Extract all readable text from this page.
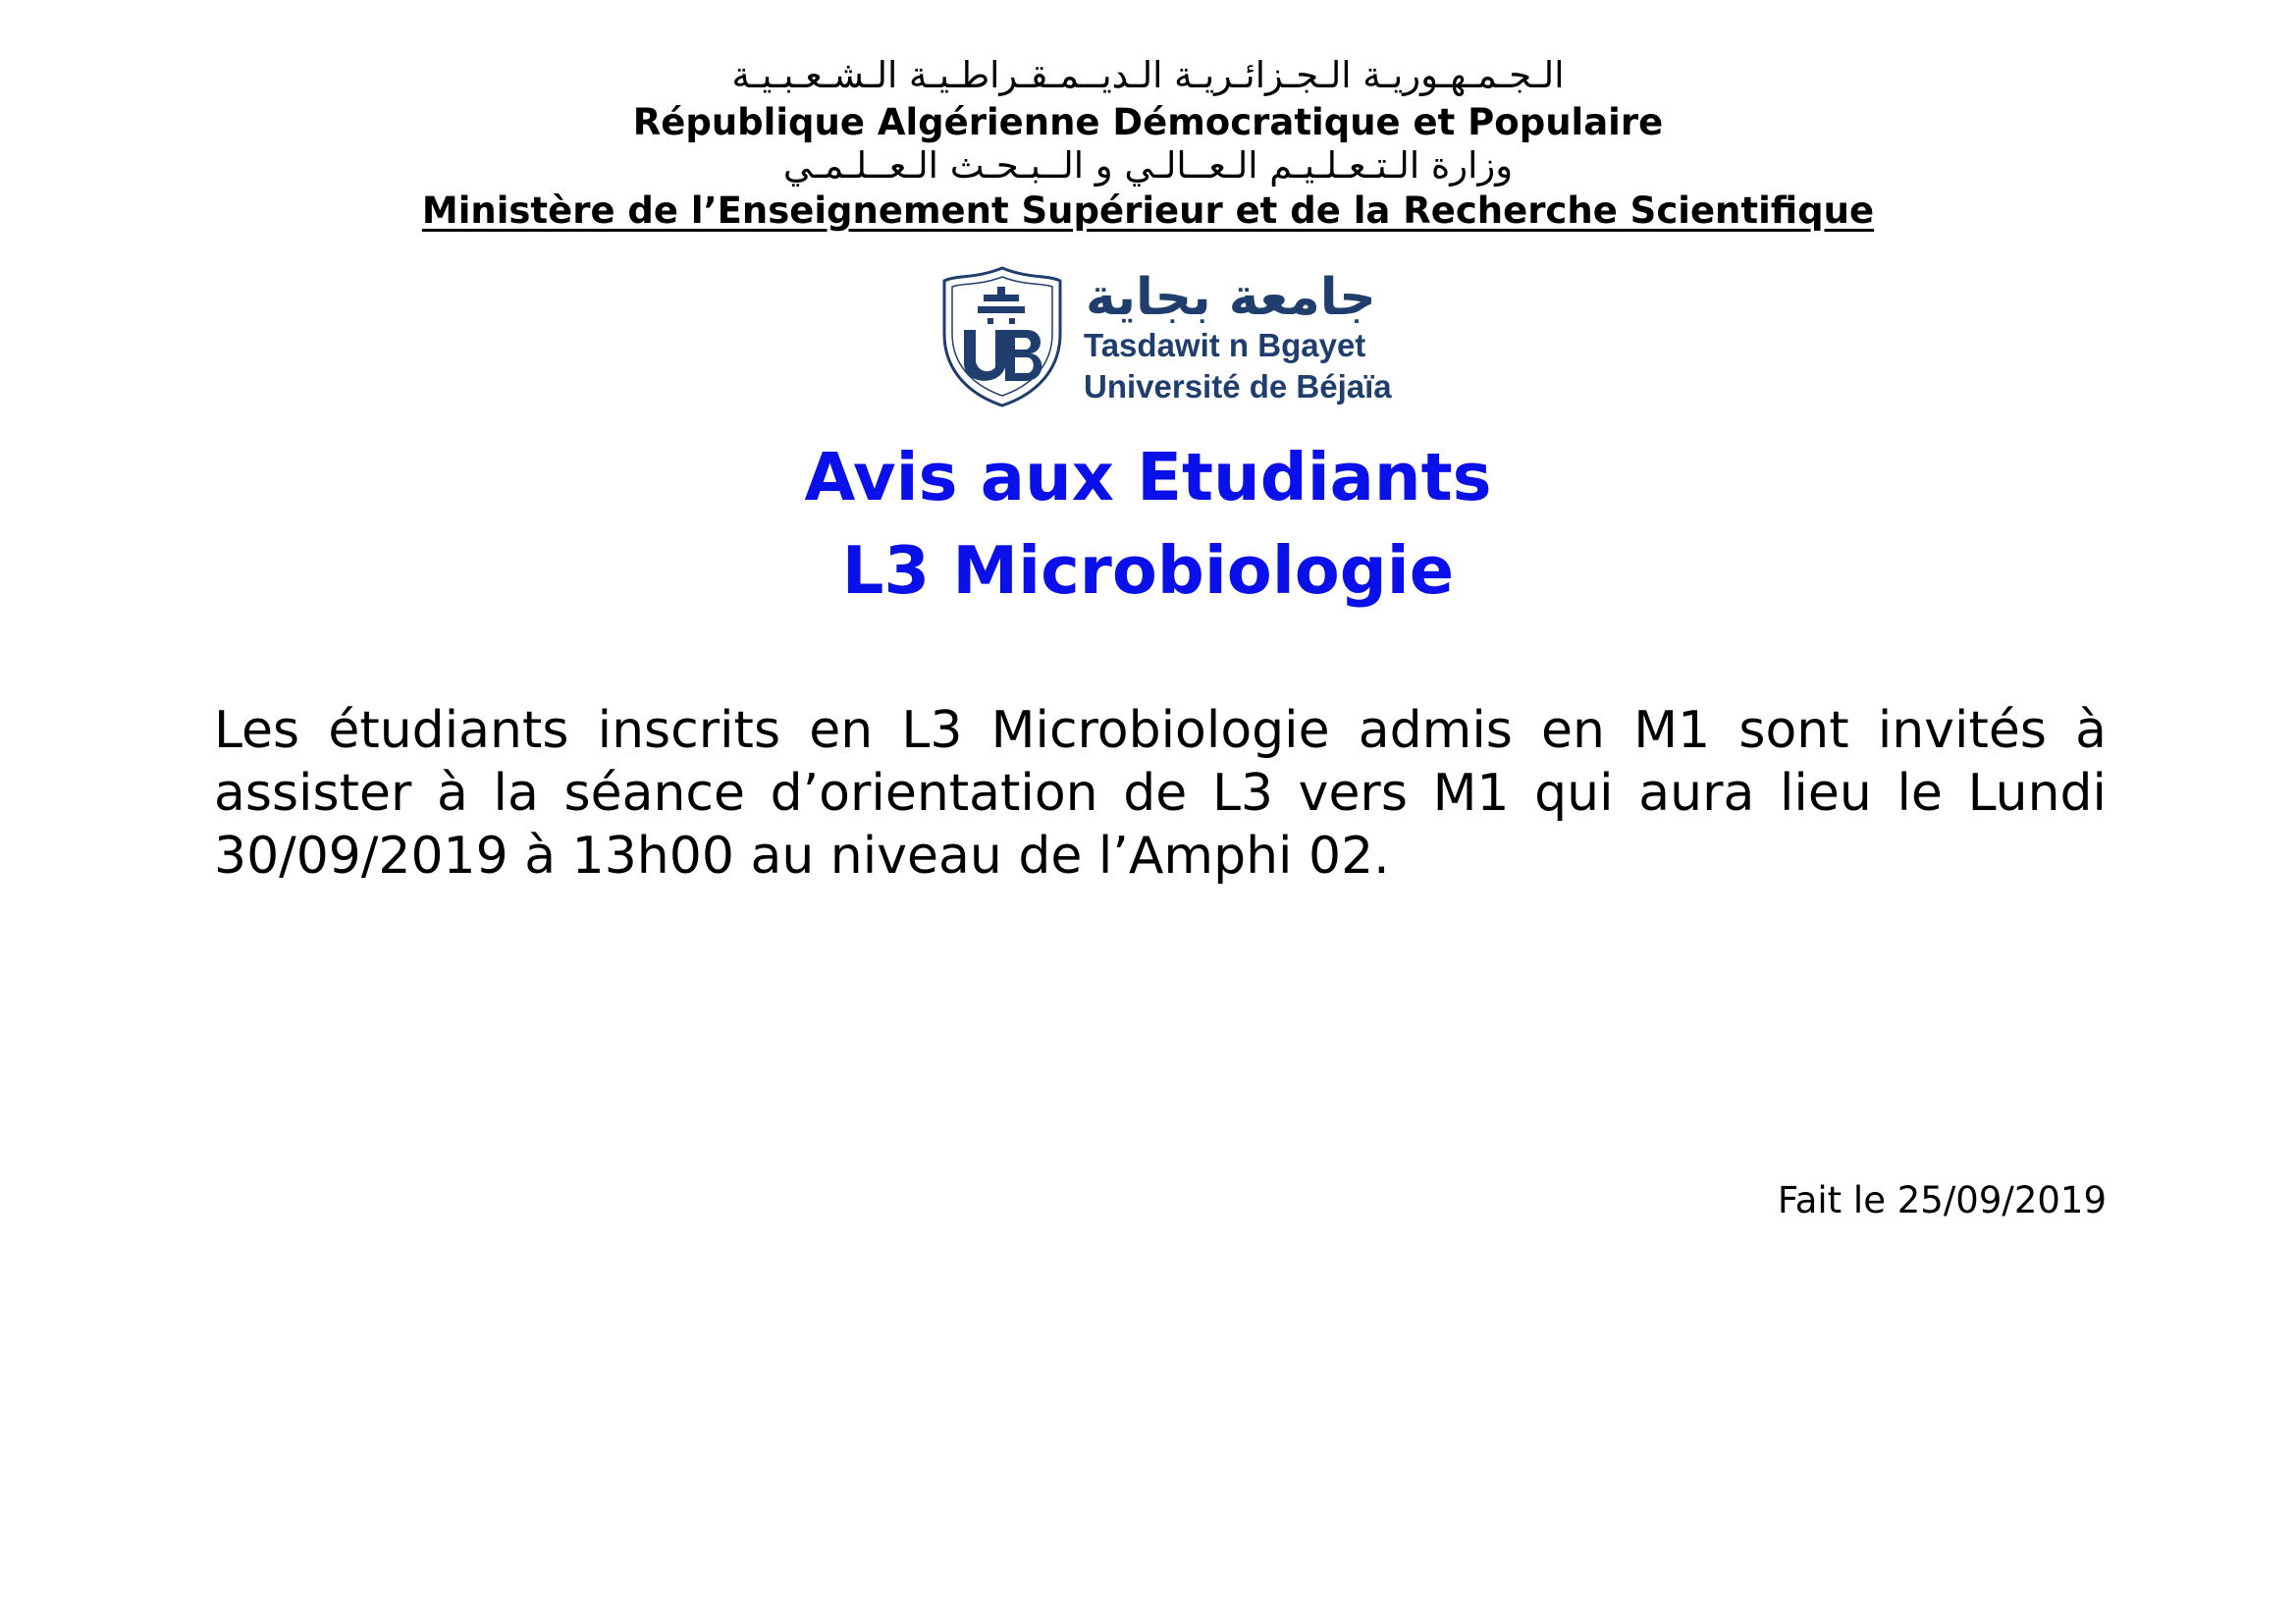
الـجـمـهـوريـة الـجـزائـريـة الـديــمـقـراطـيـة الـشـعـبـيـة
République Algérienne Démocratique et Populaire
وزارة الـتـعـلـيـم الـعــالـي و الــبـحـث الـعــلـمـي
Ministère de l’Enseignement Supérieur et de la Recherche Scientifique
جامعة بجاية
Tasdawit n Bgayet
Université de Béjaïa
Avis aux Etudiants
L3 Microbiologie
Les étudiants inscrits en L3 Microbiologie admis en M1 sont invités à assister à la séance d’orientation de L3 vers M1 qui aura lieu le Lundi 30/09/2019 à 13h00 au niveau de l’Amphi 02.
Fait le 25/09/2019
